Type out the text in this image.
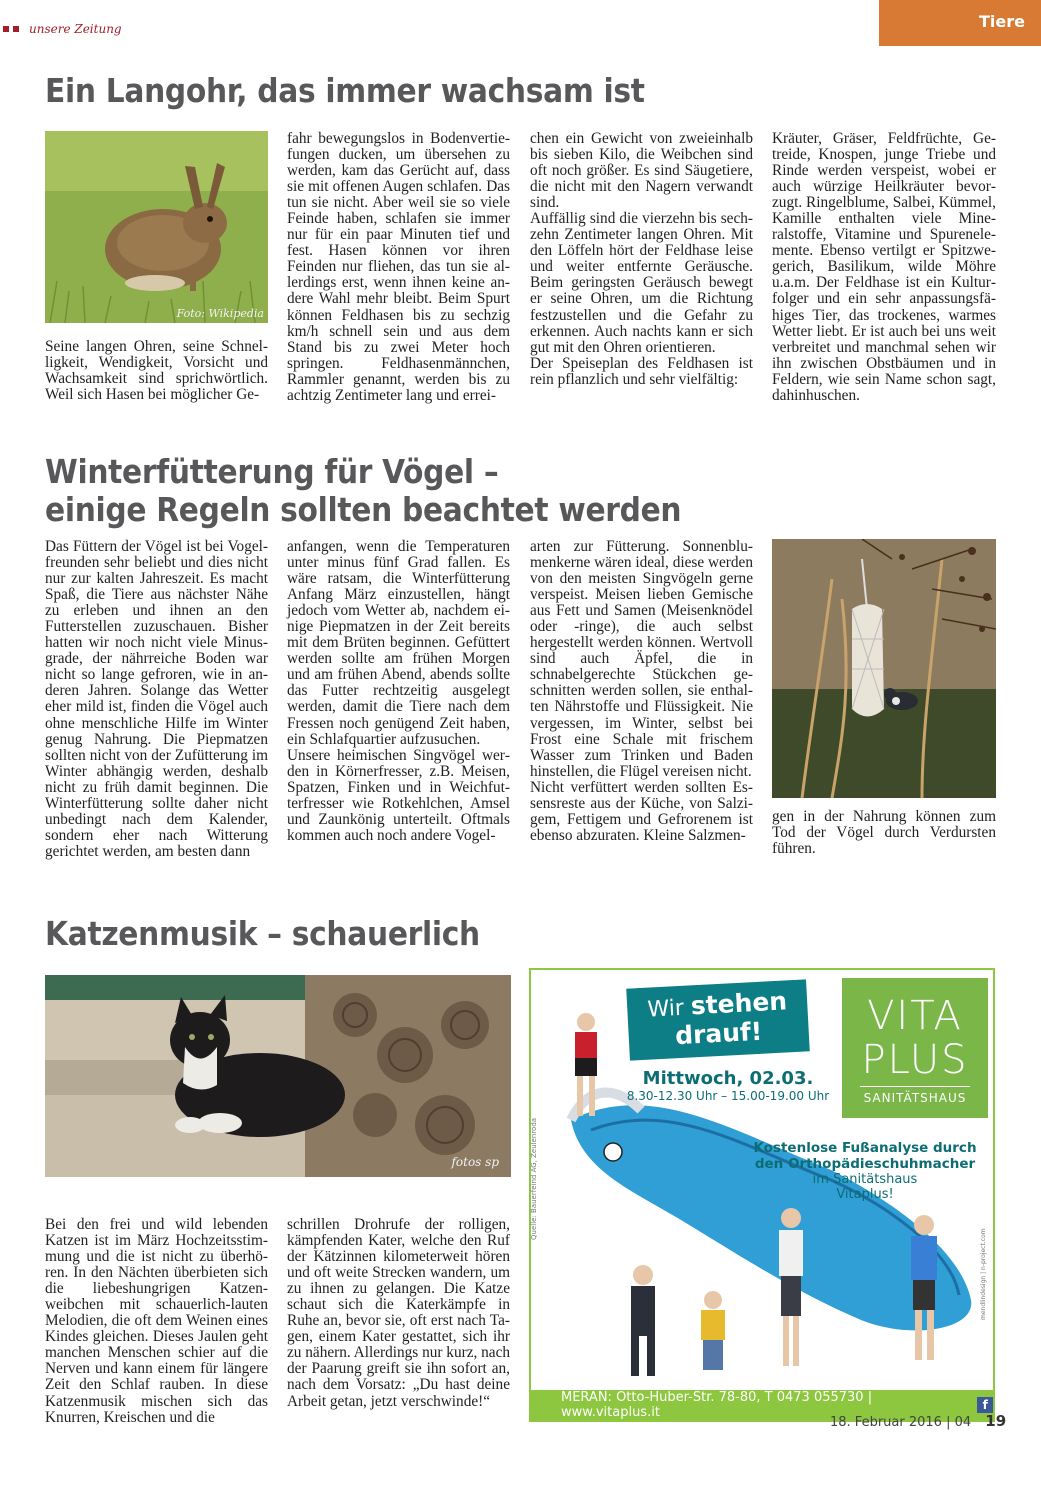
unsere Zeitung	Tiere
Ein Langohr, das immer wachsam ist
Foto: Wikipedia

Seine langen Ohren, seine Schnelligkeit, Wendigkeit, Vorsicht und Wachsamkeit sind sprichwörtlich. Weil sich Hasen bei möglicher Ge-

fahr bewegungslos in Bodenvertiefungen ducken, um übersehen zu werden, kam das Gerücht auf, dass sie mit offenen Augen schlafen. Das tun sie nicht. Aber weil sie so viele Feinde haben, schlafen sie immer nur für ein paar Minuten tief und fest. Hasen können vor ihren Feinden nur fliehen, das tun sie allerdings erst, wenn ihnen keine andere Wahl mehr bleibt. Beim Spurt können Feldhasen bis zu sechzig km/h schnell sein und aus dem Stand bis zu zwei Meter hoch springen. Feldhasenmännchen, Rammler genannt, werden bis zu achtzig Zentimeter lang und errei-

chen ein Gewicht von zweieinhalb bis sieben Kilo, die Weibchen sind oft noch größer. Es sind Säugetiere, die nicht mit den Nagern verwandt sind.
Auffällig sind die vierzehn bis sechzehn Zentimeter langen Ohren. Mit den Löffeln hört der Feldhase leise und weiter entfernte Geräusche. Beim geringsten Geräusch bewegt er seine Ohren, um die Richtung festzustellen und die Gefahr zu erkennen. Auch nachts kann er sich gut mit den Ohren orientieren.
Der Speiseplan des Feldhasen ist rein pflanzlich und sehr vielfältig:

Kräuter, Gräser, Feldfrüchte, Getreide, Knospen, junge Triebe und Rinde werden verspeist, wobei er auch würzige Heilkräuter bevorzugt. Ringelblume, Salbei, Kümmel, Kamille enthalten viele Mineralstoffe, Vitamine und Spurenelemente. Ebenso vertilgt er Spitzwegerich, Basilikum, wilde Möhre u.a.m. Der Feldhase ist ein Kulturfolger und ein sehr anpassungsfähiges Tier, das trockenes, warmes Wetter liebt. Er ist auch bei uns weit verbreitet und manchmal sehen wir ihn zwischen Obstbäumen und in Feldern, wie sein Name schon sagt, dahinhuschen.

Winterfütterung für Vögel –
einige Regeln sollten beachtet werden

Das Füttern der Vögel ist bei Vogelfreunden sehr beliebt und dies nicht nur zur kalten Jahreszeit. Es macht Spaß, die Tiere aus nächster Nähe zu erleben und ihnen an den Futterstellen zuzuschauen. Bisher hatten wir noch nicht viele Minusgrade, der nährreiche Boden war nicht so lange gefroren, wie in anderen Jahren. Solange das Wetter eher mild ist, finden die Vögel auch ohne menschliche Hilfe im Winter genug Nahrung. Die Piepmatzen sollten nicht von der Zufütterung im Winter abhängig werden, deshalb nicht zu früh damit beginnen. Die Winterfütterung sollte daher nicht unbedingt nach dem Kalender, sondern eher nach Witterung gerichtet werden, am besten dann

anfangen, wenn die Temperaturen unter minus fünf Grad fallen. Es wäre ratsam, die Winterfütterung Anfang März einzustellen, hängt jedoch vom Wetter ab, nachdem einige Piepmatzen in der Zeit bereits mit dem Brüten beginnen. Gefüttert werden sollte am frühen Morgen und am frühen Abend, abends sollte das Futter rechtzeitig ausgelegt werden, damit die Tiere nach dem Fressen noch genügend Zeit haben, ein Schlafquartier aufzusuchen.
Unsere heimischen Singvögel werden in Körnerfresser, z.B. Meisen, Spatzen, Finken und in Weichfutterfresser wie Rotkehlchen, Amsel und Zaunkönig unterteilt. Oftmals kommen auch noch andere Vogel-

arten zur Fütterung. Sonnenblumenkerne wären ideal, diese werden von den meisten Singvögeln gerne verspeist. Meisen lieben Gemische aus Fett und Samen (Meisenknödel oder -ringe), die auch selbst hergestellt werden können. Wertvoll sind auch Äpfel, die in schnabelgerechte Stückchen geschnitten werden sollen, sie enthalten Nährstoffe und Flüssigkeit. Nie vergessen, im Winter, selbst bei Frost eine Schale mit frischem Wasser zum Trinken und Baden hinstellen, die Flügel vereisen nicht.
Nicht verfüttert werden sollten Essensreste aus der Küche, von Salzigem, Fettigem und Gefrorenem ist ebenso abzuraten. Kleine Salzmen-

gen in der Nahrung können zum Tod der Vögel durch Verdursten führen.

Katzenmusik – schauerlich
fotos sp

Bei den frei und wild lebenden Katzen ist im März Hochzeitsstimmung und die ist nicht zu überhören. In den Nächten überbieten sich die liebeshungrigen Katzenweibchen mit schauerlich-lauten Melodien, die oft dem Weinen eines Kindes gleichen. Dieses Jaulen geht manchen Menschen schier auf die Nerven und kann einem für längere Zeit den Schlaf rauben. In diese Katzenmusik mischen sich das Knurren, Kreischen und die

schrillen Drohrufe der rolligen, kämpfenden Kater, welche den Ruf der Kätzinnen kilometerweit hören und oft weite Strecken wandern, um zu ihnen zu gelangen. Die Katze schaut sich die Katerkämpfe in Ruhe an, bevor sie, oft erst nach Tagen, einem Kater gestattet, sich ihr zu nähern. Allerdings nur kurz, nach der Paarung greift sie ihn sofort an, nach dem Vorsatz: „Du hast deine Arbeit getan, jetzt verschwinde!“

Wir stehen
drauf!	VITA
PLUS
SANITÄTSHAUS
Mittwoch, 02.03.
8.30-12.30 Uhr – 15.00-19.00 Uhr
Kostenlose Fußanalyse durch
den Orthopädieschuhmacher
im Sanitätshaus
Vitaplus!
Quelle: Bauerfeind AG, Zeulenroda
mendlindesign | n-project.com
MERAN: Otto-Huber-Str. 78-80, T 0473 055730 | www.vitaplus.it	f
18. Februar 2016 | 04 19
